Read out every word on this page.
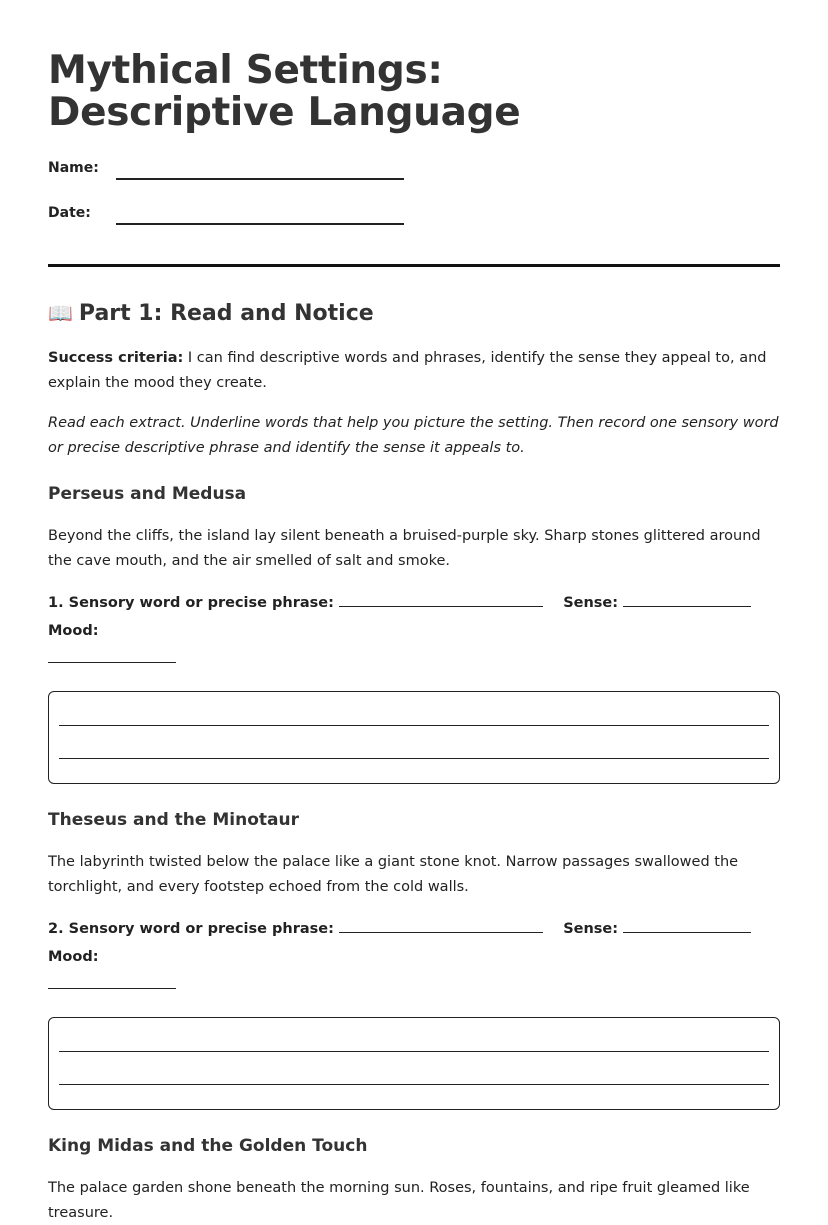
Mythical Settings: Descriptive Language
Name:
Date:
📖 Part 1: Read and Notice

Success criteria: I can find descriptive words and phrases, identify the sense they appeal to, and explain the mood they create.

Read each extract. Underline words that help you picture the setting. Then record one sensory word or precise descriptive phrase and identify the sense it appeals to.

Perseus and Medusa

Beyond the cliffs, the island lay silent beneath a bruised-purple sky. Sharp stones glittered around the cave mouth, and the air smelled of salt and smoke.

1. Sensory word or precise phrase:	Sense:     Mood:

Theseus and the Minotaur

The labyrinth twisted below the palace like a giant stone knot. Narrow passages swallowed the torchlight, and every footstep echoed from the cold walls.

2. Sensory word or precise phrase:	Sense:     Mood:

King Midas and the Golden Touch

The palace garden shone beneath the morning sun. Roses, fountains, and ripe fruit gleamed like treasure.
